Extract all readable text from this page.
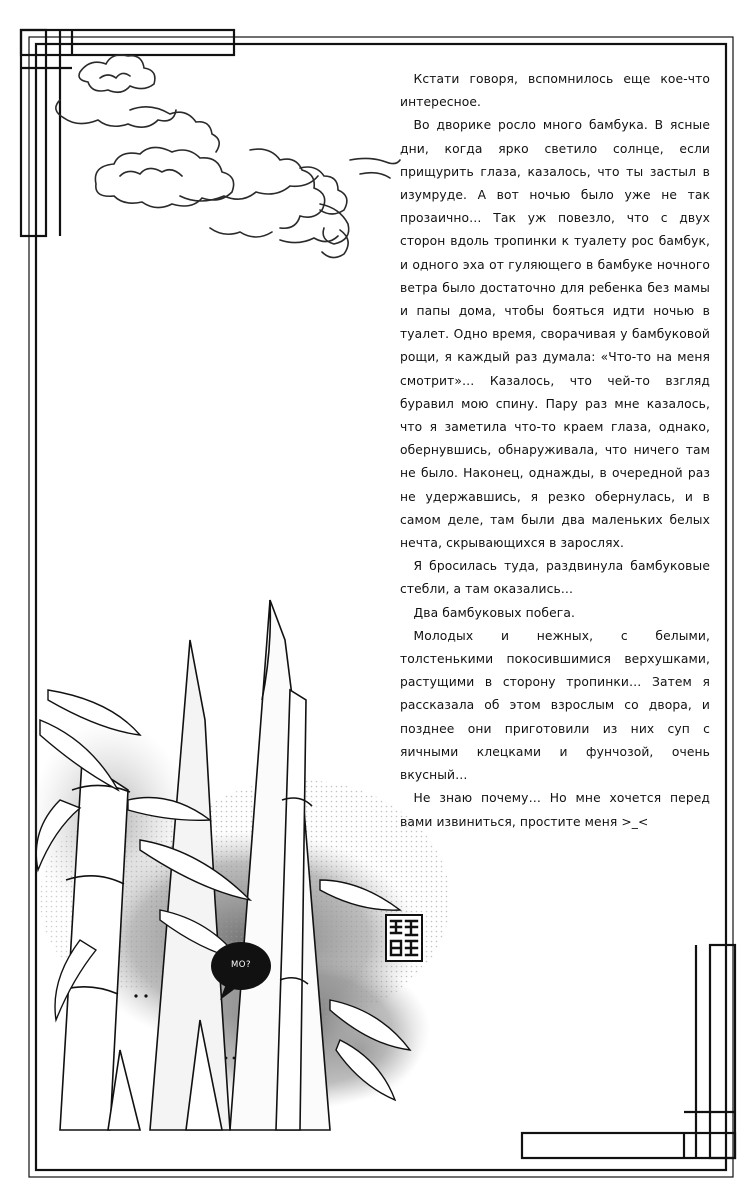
МО?

Кстати говоря, вспомнилось еще кое-что интересное.

Во дворике росло много бамбука. В ясные дни, когда ярко светило солнце, если прищурить глаза, казалось, что ты застыл в изумруде. А вот ночью было уже не так прозаично… Так уж повезло, что с двух сторон вдоль тропинки к туалету рос бамбук, и одного эха от гуляющего в бамбуке ночного ветра было достаточно для ребенка без мамы и папы дома, чтобы бояться идти ночью в туалет. Одно время, сворачивая у бамбуковой рощи, я каждый раз думала: «Что-то на меня смотрит»… Казалось, что чей-то взгляд буравил мою спину. Пару раз мне казалось, что я заметила что-то краем глаза, однако, обернувшись, обнаруживала, что ничего там не было. Наконец, однажды, в очередной раз не удержавшись, я резко обернулась, и в самом деле, там были два маленьких белых нечта, скрывающихся в зарослях.

Я бросилась туда, раздвинула бамбуковые стебли, а там оказались…

Два бамбуковых побега.

Молодых и нежных, с белыми, толстенькими покосившимися верхушками, растущими в сторону тропинки… Затем я рассказала об этом взрослым со двора, и позднее они приготовили из них суп с яичными клецками и фунчозой, очень вкусный…

Не знаю почему… Но мне хочется перед вами извиниться, простите меня >_<
